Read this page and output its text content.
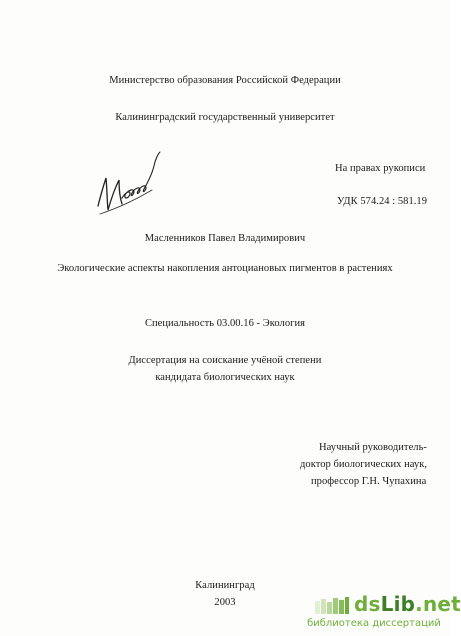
Министерство образования Российской Федерации
Калининградский государственный университет
На правах рукописи
УДК 574.24 : 581.19
Масленников Павел Владимирович
Экологические аспекты накопления антоцианoвых пигментов в растениях
Специальность 03.00.16 - Экология
Диссертация на соискание учёной степени
кандидата биологических наук
Научный руководитель-
доктор биологических наук,
профессор Г.Н. Чупахина
Калининград
2003	dsLib.net
библиотека диссертаций
